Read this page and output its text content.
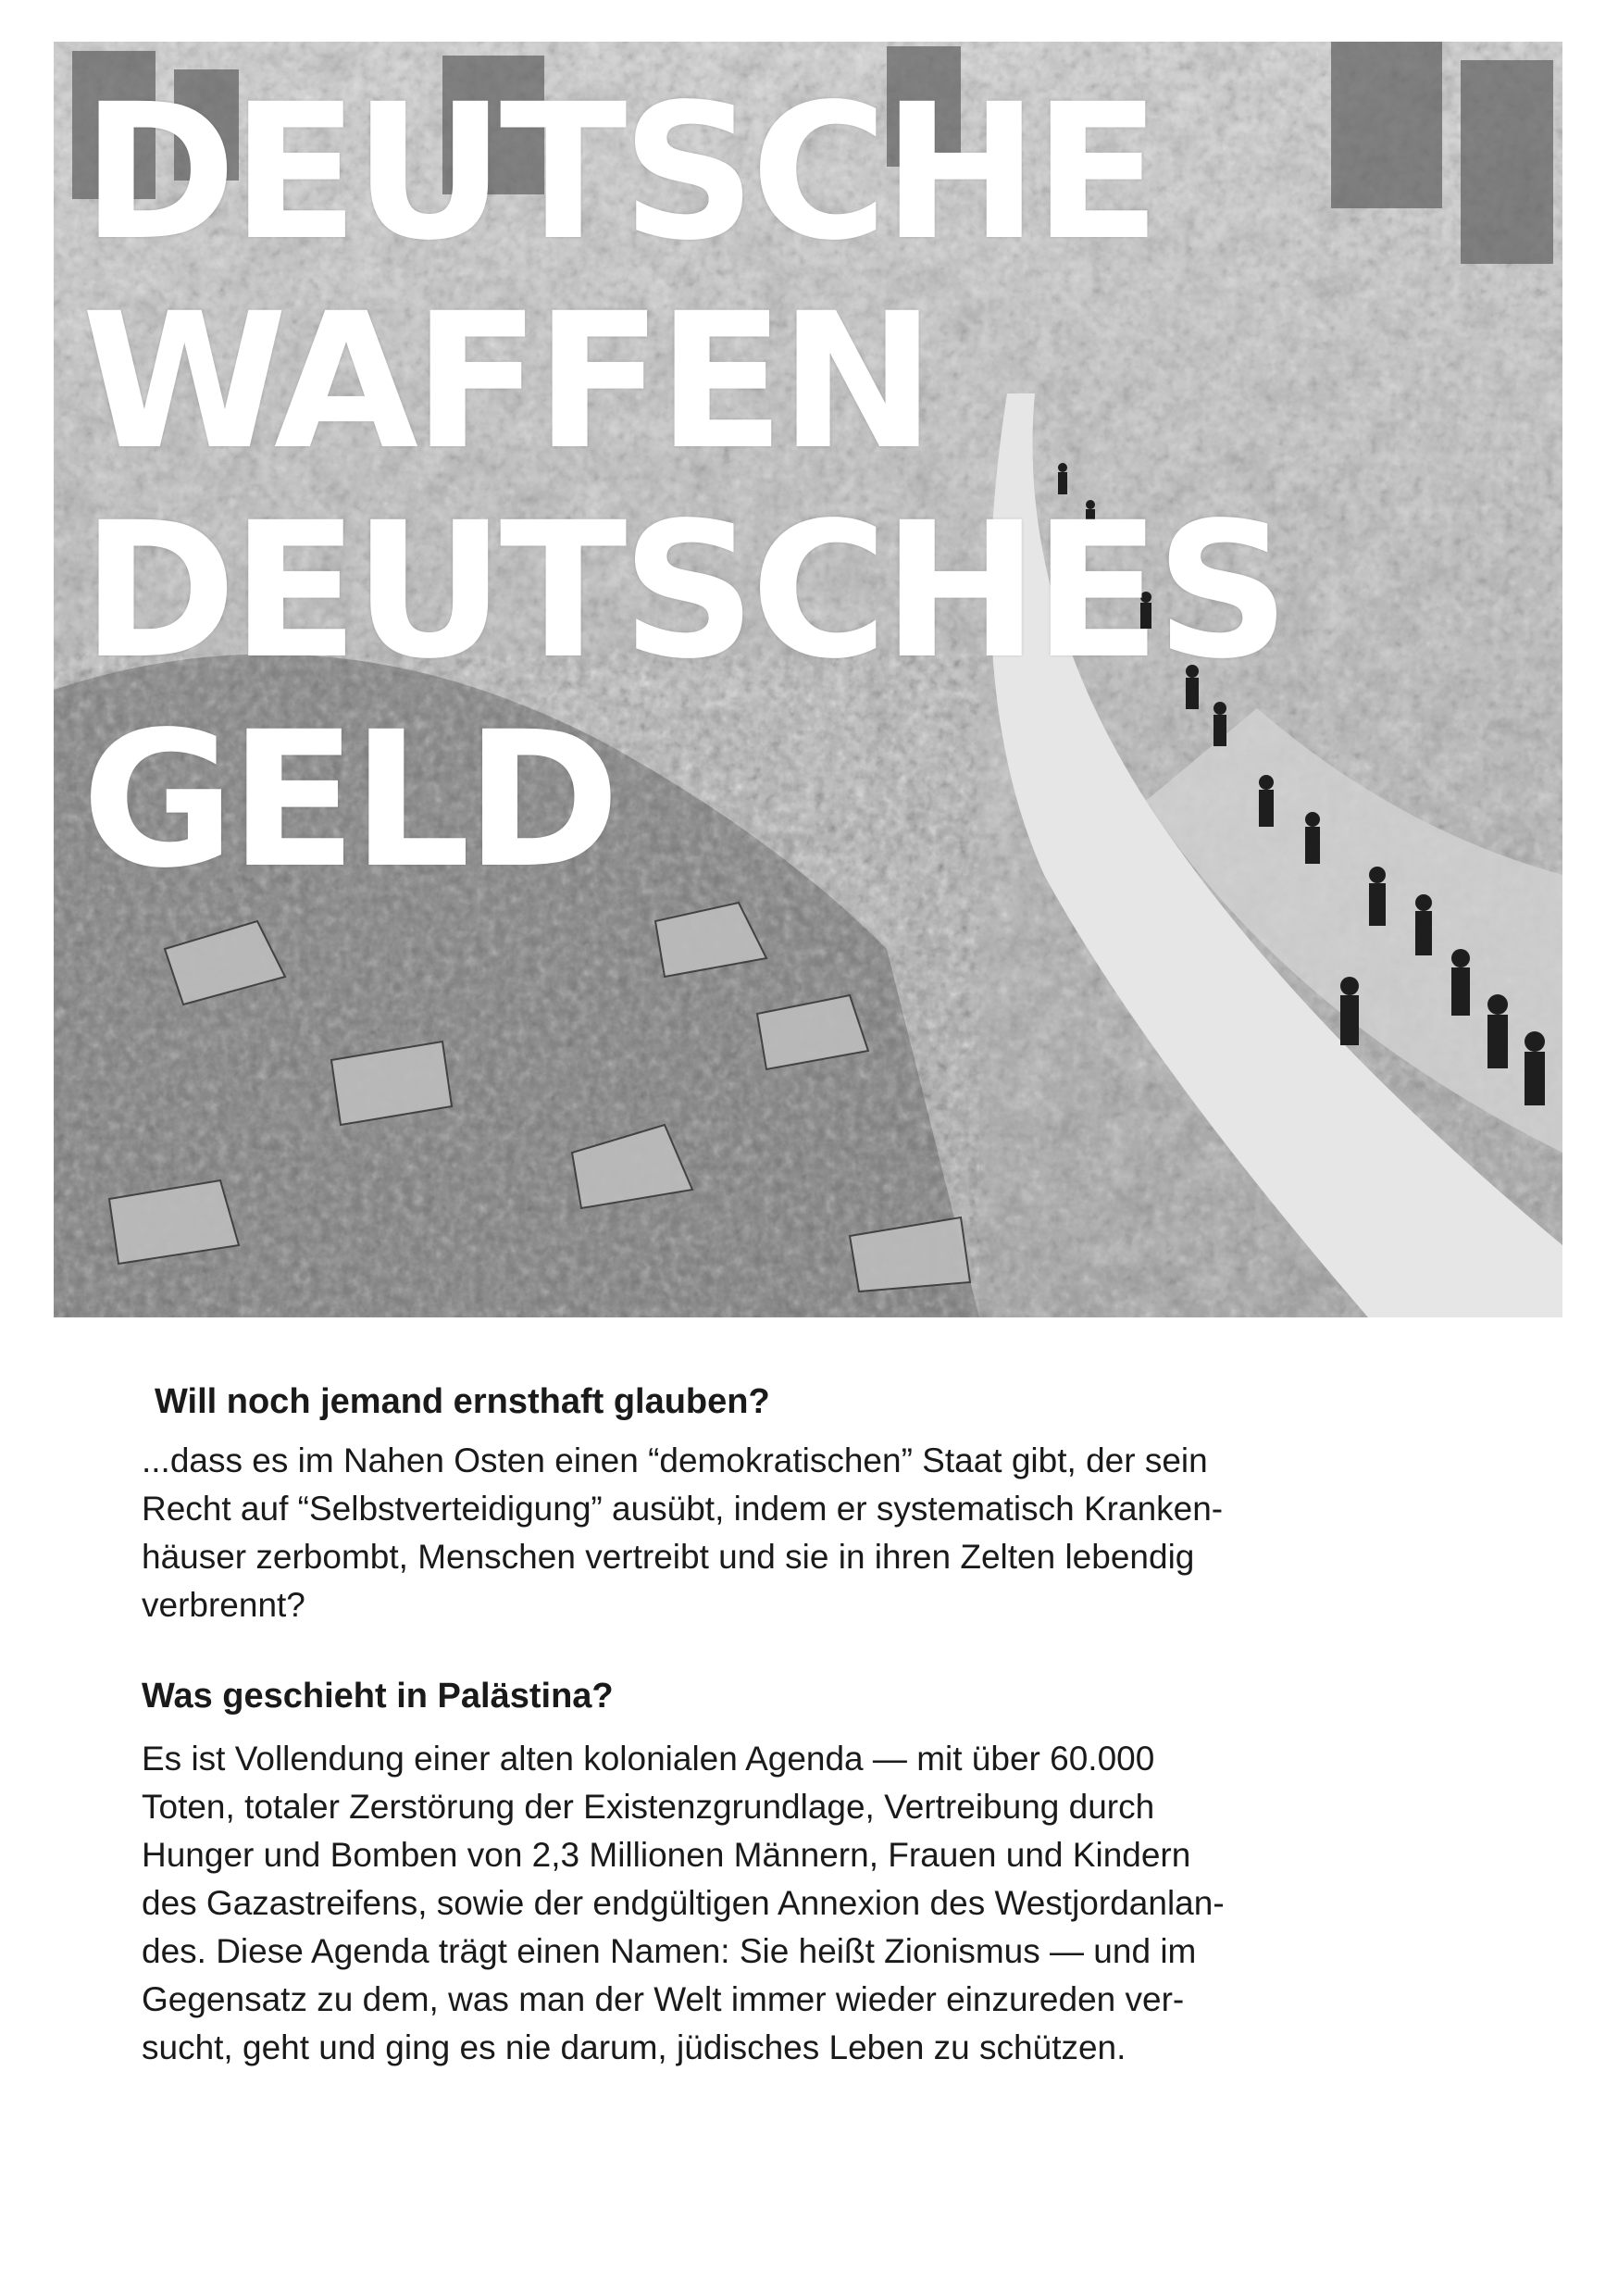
DEUTSCHE
WAFFEN
DEUTSCHES
GELD
Will noch jemand ernsthaft glauben?
...dass es im Nahen Osten einen “demokratischen” Staat gibt, der sein
Recht auf “Selbstverteidigung” ausübt, indem er systematisch Kranken-
häuser zerbombt, Menschen vertreibt und sie in ihren Zelten lebendig
verbrennt?
Was geschieht in Palästina?
Es ist Vollendung einer alten kolonialen Agenda — mit über 60.000
Toten, totaler Zerstörung der Existenzgrundlage, Vertreibung durch
Hunger und Bomben von 2,3 Millionen Männern, Frauen und Kindern
des Gazastreifens, sowie der endgültigen Annexion des Westjordanlan-
des. Diese Agenda trägt einen Namen: Sie heißt Zionismus — und im
Gegensatz zu dem, was man der Welt immer wieder einzureden ver-
sucht, geht und ging es nie darum, jüdisches Leben zu schützen.
